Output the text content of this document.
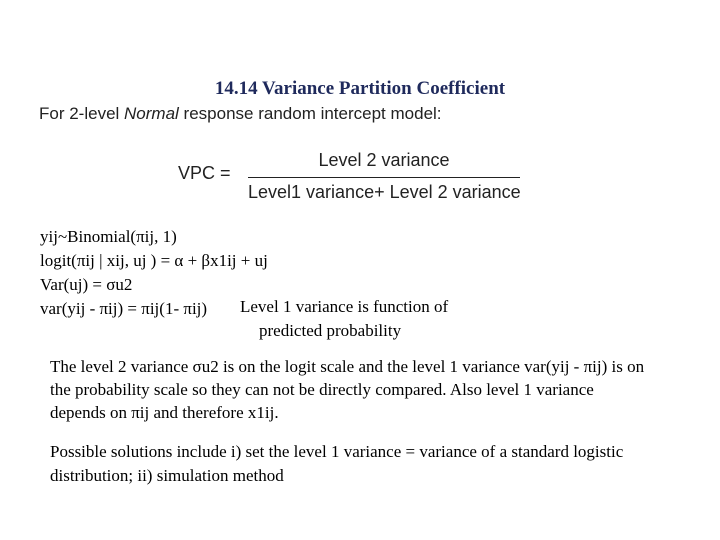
14.14 Variance Partition Coefficient
For 2-level Normal response random intercept model:
VPC =
Level 2 variance
Level1 variance+ Level 2 variance
yij~Binomial(πij, 1)
logit(πij | xij, uj ) = α + βx1ij + uj
Var(uj) = σu2
var(yij - πij) = πij(1- πij)	Level 1 variance is function of
predicted probability
The level 2 variance σu2 is on the logit scale and the level 1 variance var(yij - πij) is on the probability scale so they can not be directly compared. Also level 1 variance depends on πij and therefore x1ij.
Possible solutions include i) set the level 1 variance = variance of a standard logistic distribution; ii) simulation method
